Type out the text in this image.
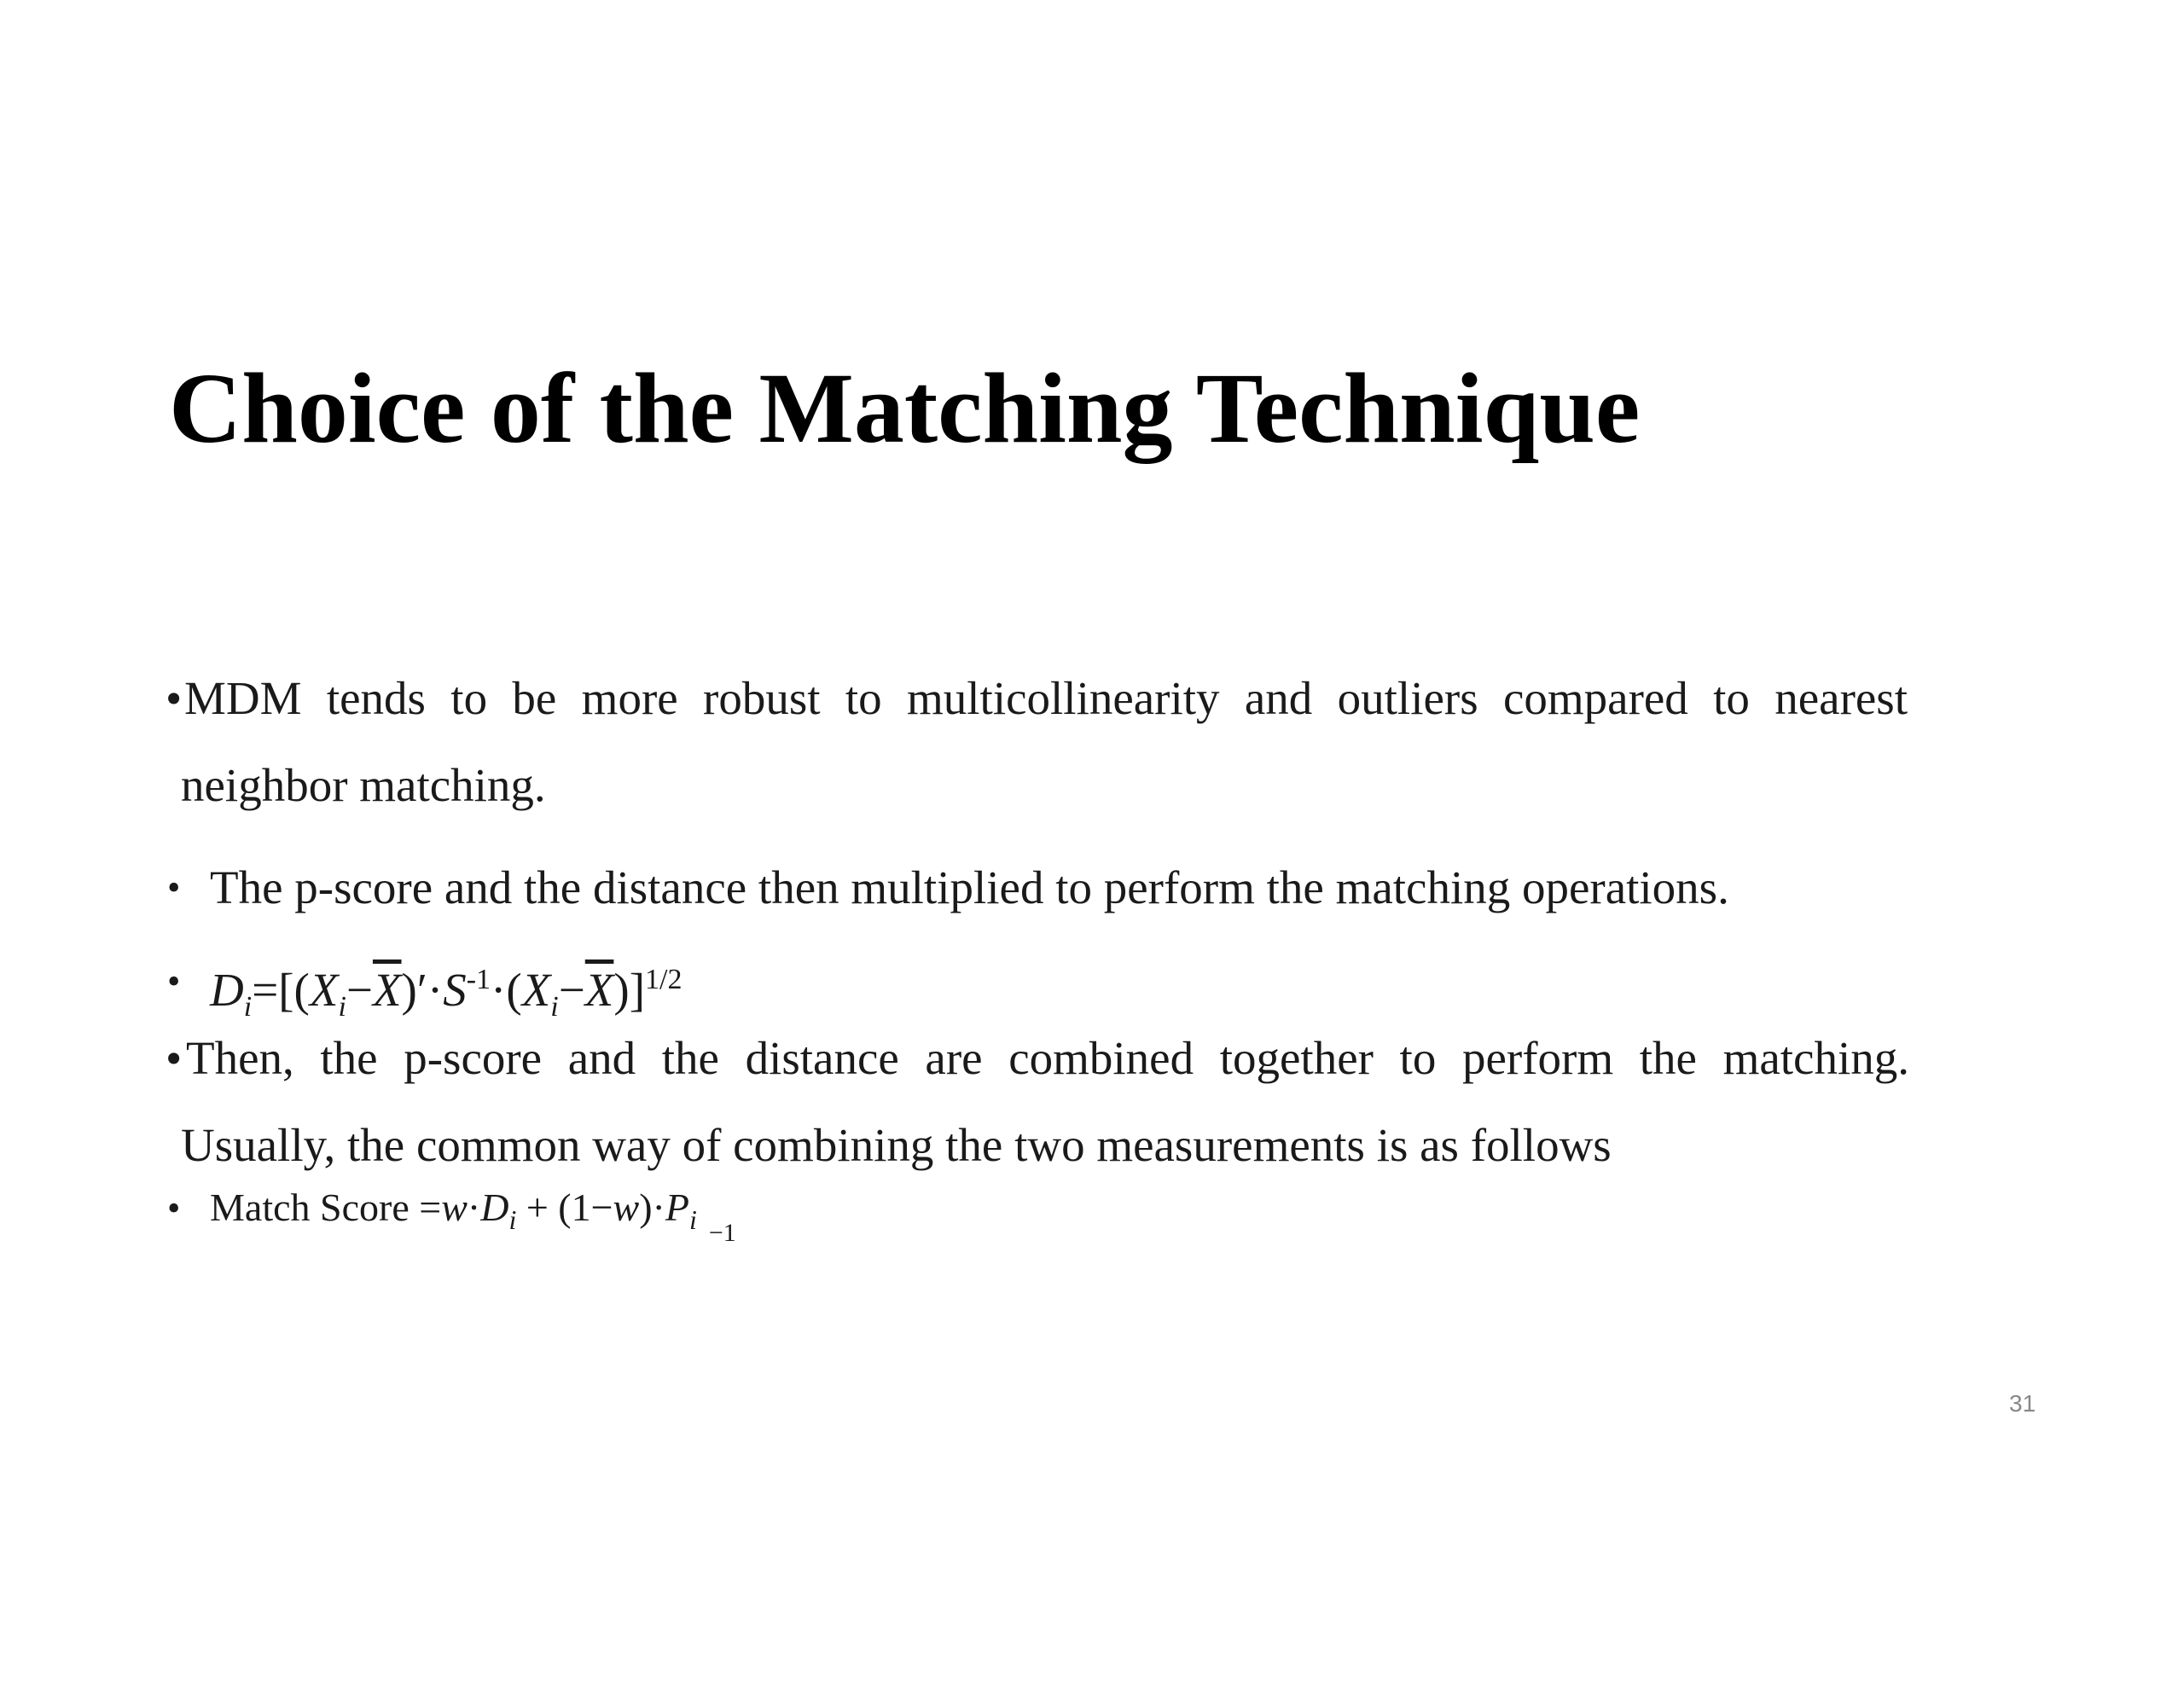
Choice of the Matching Technique
• MDM tends to be more robust to multicollinearity and outliers compared to nearest
neighbor matching.
• The p-score and the distance then multiplied to perform the matching operations.
• $D_i=[(X_i-\overline{X})'\cdot S^{-1}\cdot(X_i-\overline{X})]^{1/2}$
• Then, the p-score and the distance are combined together to perform the matching.
Usually, the common way of combining the two measurements is as follows
• Match Score $=w\cdot D_i + (1-w)\cdot P_i$ $_{-1}$
31
